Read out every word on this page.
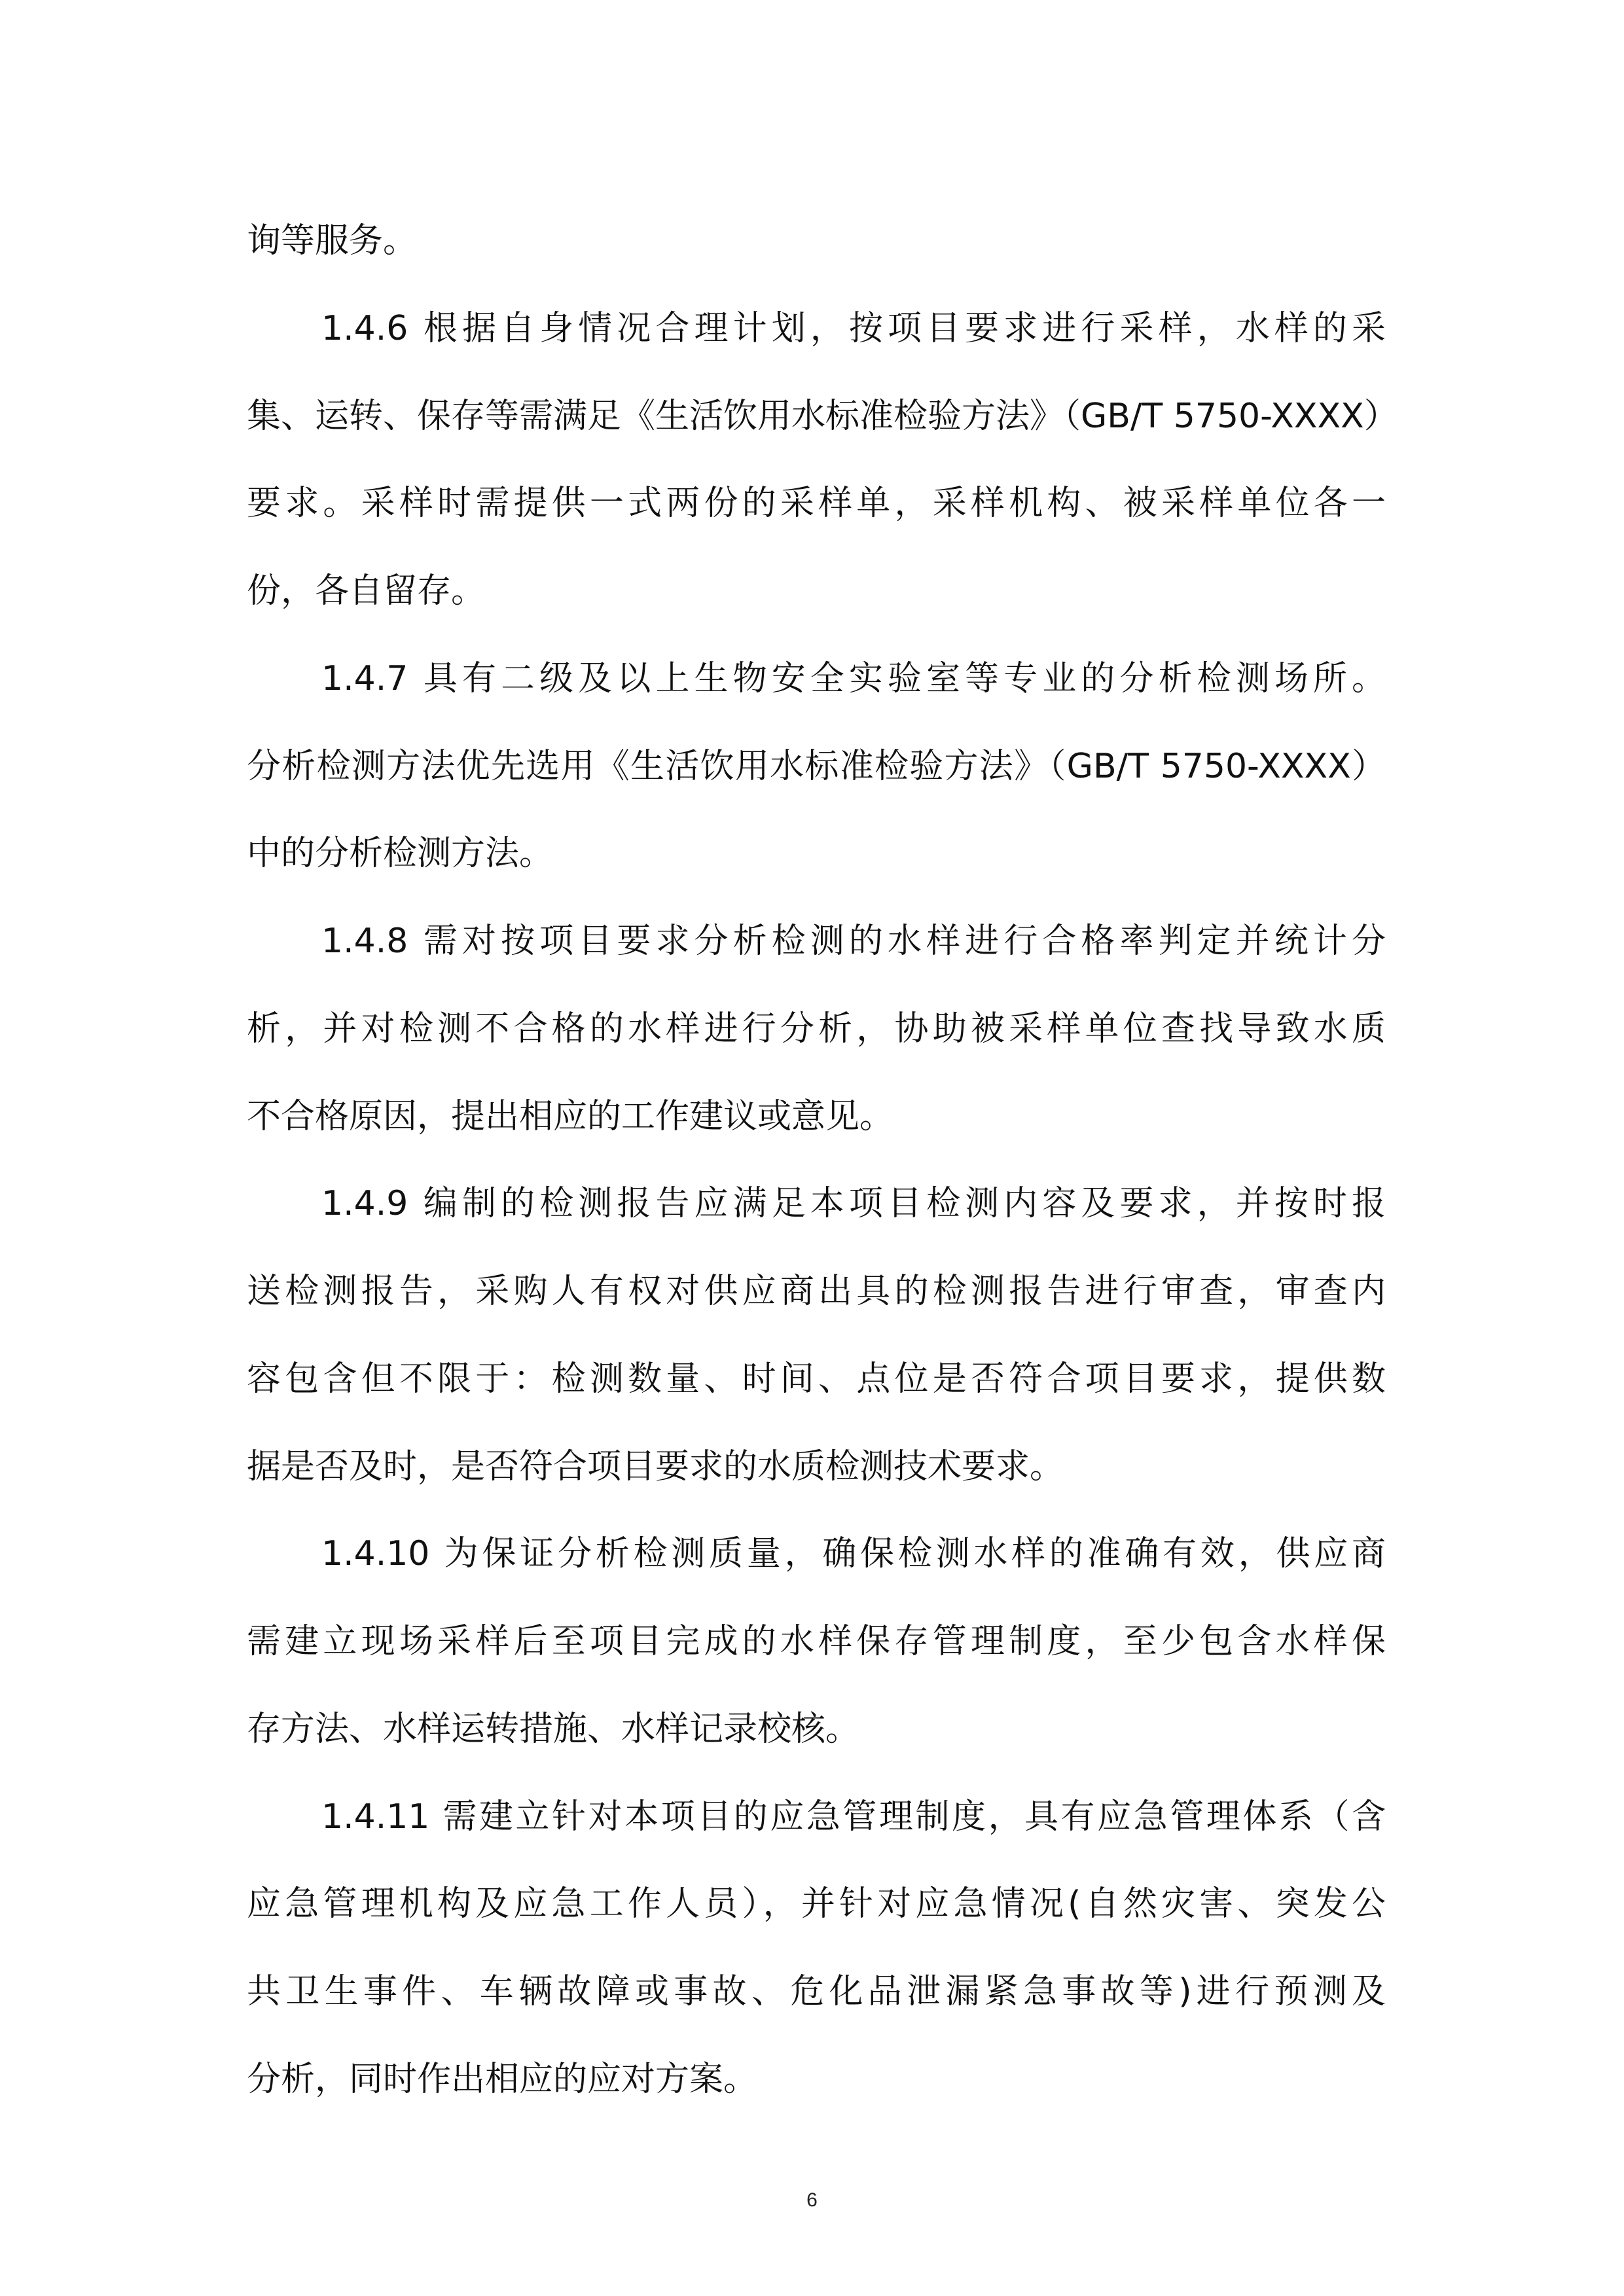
询等服务。
1.4.6 根据自身情况合理计划，按项目要求进行采样，水样的采
集、运转、保存等需满足《生活饮用水标准检验方法》（GB/T 5750-XXXX）
要求。采样时需提供一式两份的采样单，采样机构、被采样单位各一
份，各自留存。
1.4.7 具有二级及以上生物安全实验室等专业的分析检测场所。
分析检测方法优先选用《生活饮用水标准检验方法》（GB/T 5750-XXXX）
中的分析检测方法。
1.4.8 需对按项目要求分析检测的水样进行合格率判定并统计分
析，并对检测不合格的水样进行分析，协助被采样单位查找导致水质
不合格原因，提出相应的工作建议或意见。
1.4.9 编制的检测报告应满足本项目检测内容及要求，并按时报
送检测报告，采购人有权对供应商出具的检测报告进行审查，审查内
容包含但不限于：检测数量、时间、点位是否符合项目要求，提供数
据是否及时，是否符合项目要求的水质检测技术要求。
1.4.10 为保证分析检测质量，确保检测水样的准确有效，供应商
需建立现场采样后至项目完成的水样保存管理制度，至少包含水样保
存方法、水样运转措施、水样记录校核。
1.4.11 需建立针对本项目的应急管理制度，具有应急管理体系（含
应急管理机构及应急工作人员），并针对应急情况(自然灾害、突发公
共卫生事件、车辆故障或事故、危化品泄漏紧急事故等)进行预测及
分析，同时作出相应的应对方案。
6
